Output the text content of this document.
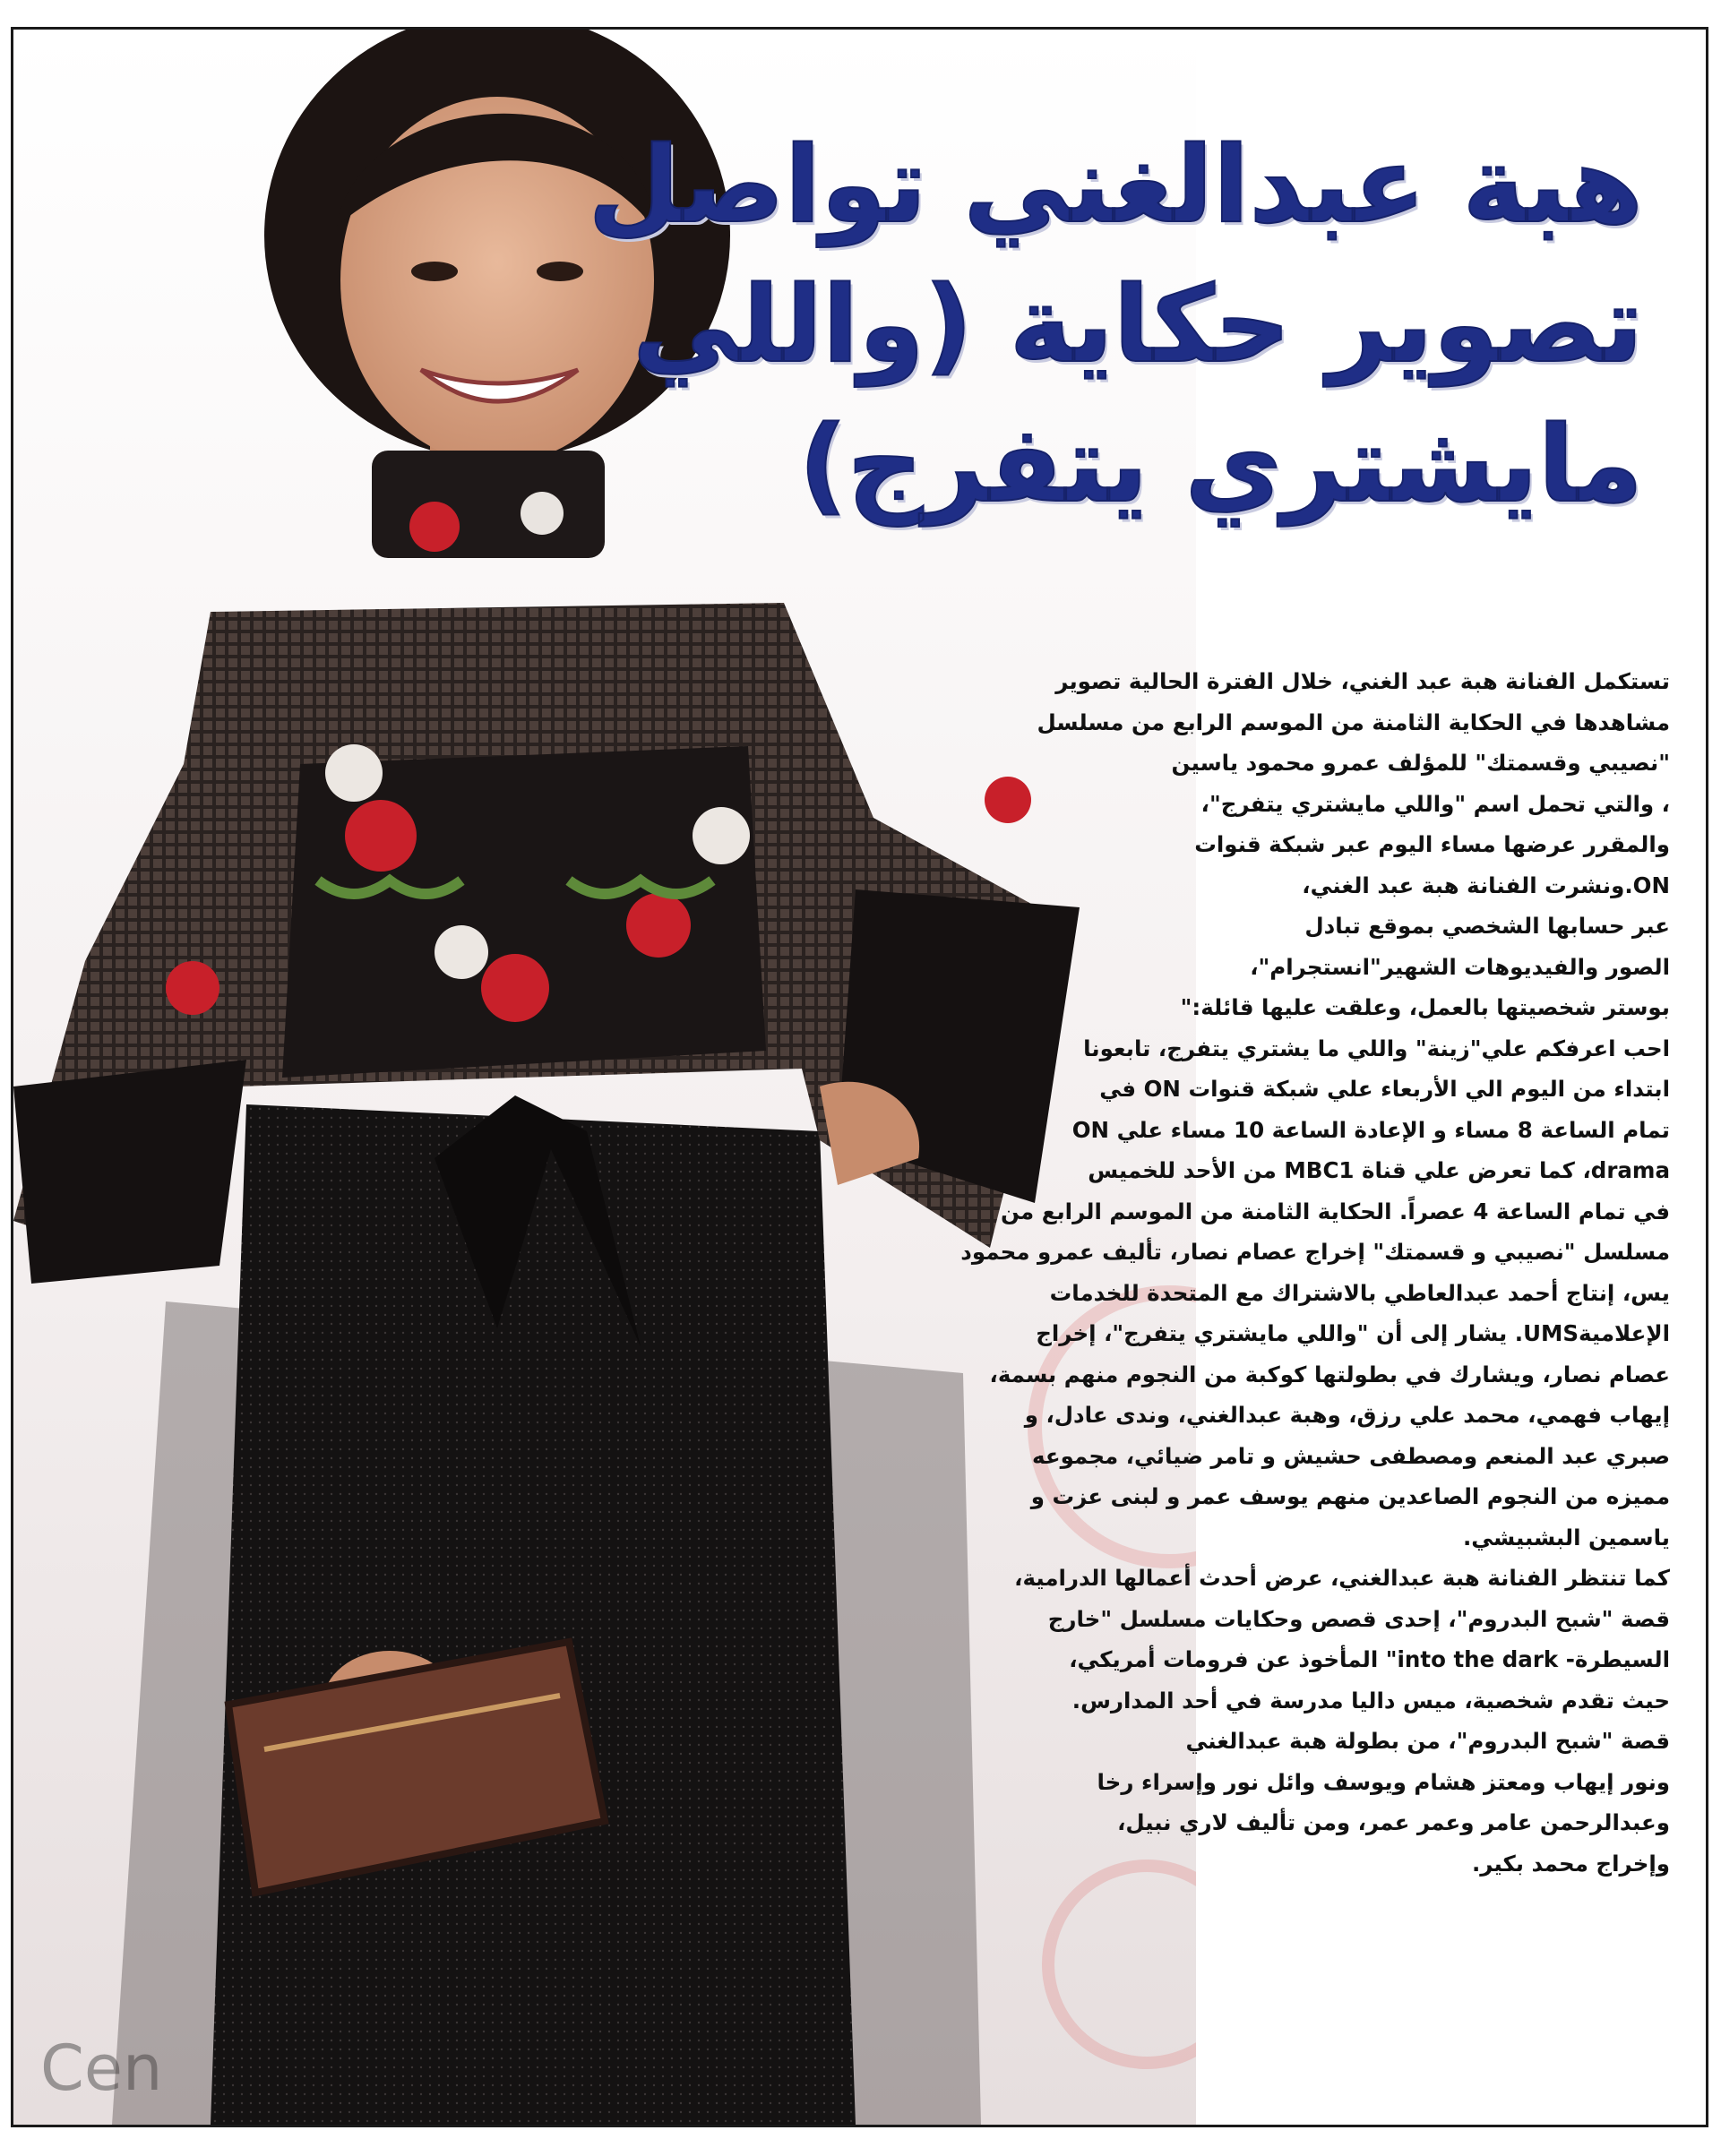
Cen
هبة عبدالغني تواصل
تصوير حكاية (واللي
مايشتري يتفرج)
تستكمل الفنانة هبة عبد الغني، خلال الفترة الحالية تصوير
مشاهدها في الحكاية الثامنة من الموسم الرابع من مسلسل
"نصيبي وقسمتك" للمؤلف عمرو محمود ياسين
، والتي تحمل اسم "واللي مايشتري يتفرج"،
والمقرر عرضها مساء اليوم عبر شبكة قنوات
ON.ونشرت الفنانة هبة عبد الغني،
عبر حسابها الشخصي بموقع تبادل
الصور والفيديوهات الشهير"انستجرام"،
بوستر شخصيتها بالعمل، وعلقت عليها قائلة:"
احب اعرفكم علي"زينة" واللي ما يشتري يتفرج، تابعونا
ابتداء من اليوم الي الأربعاء علي شبكة قنوات ON في
تمام الساعة 8 مساء و الإعادة الساعة 10 مساء علي ON
drama، كما تعرض علي قناة MBC1 من الأحد للخميس
في تمام الساعة 4 عصراً. الحكاية الثامنة من الموسم الرابع من
مسلسل "نصيبي و قسمتك" إخراج عصام نصار، تأليف عمرو محمود
يس، إنتاج أحمد عبدالعاطي بالاشتراك مع المتحدة للخدمات
الإعلاميةUMS. يشار إلى أن "واللي مايشتري يتفرج"، إخراج
عصام نصار، ويشارك في بطولتها كوكبة من النجوم منهم بسمة،
إيهاب فهمي، محمد علي رزق، وهبة عبدالغني، وندى عادل، و
صبري عبد المنعم ومصطفى حشيش و تامر ضيائي، مجموعه
مميزه من النجوم الصاعدين منهم يوسف عمر و لبنى عزت و
ياسمين البشبيشي.
كما تنتظر الفنانة هبة عبدالغني، عرض أحدث أعمالها الدرامية،
قصة "شبح البدروم"، إحدى قصص وحكايات مسلسل "خارج
السيطرة- into the dark" المأخوذ عن فرومات أمريكي،
حيث تقدم شخصية، ميس داليا مدرسة في أحد المدارس.
قصة "شبح البدروم"، من بطولة هبة عبدالغني
ونور إيهاب ومعتز هشام ويوسف وائل نور وإسراء رخا
وعبدالرحمن عامر وعمر عمر، ومن تأليف لاري نبيل،
وإخراج محمد بكير.
